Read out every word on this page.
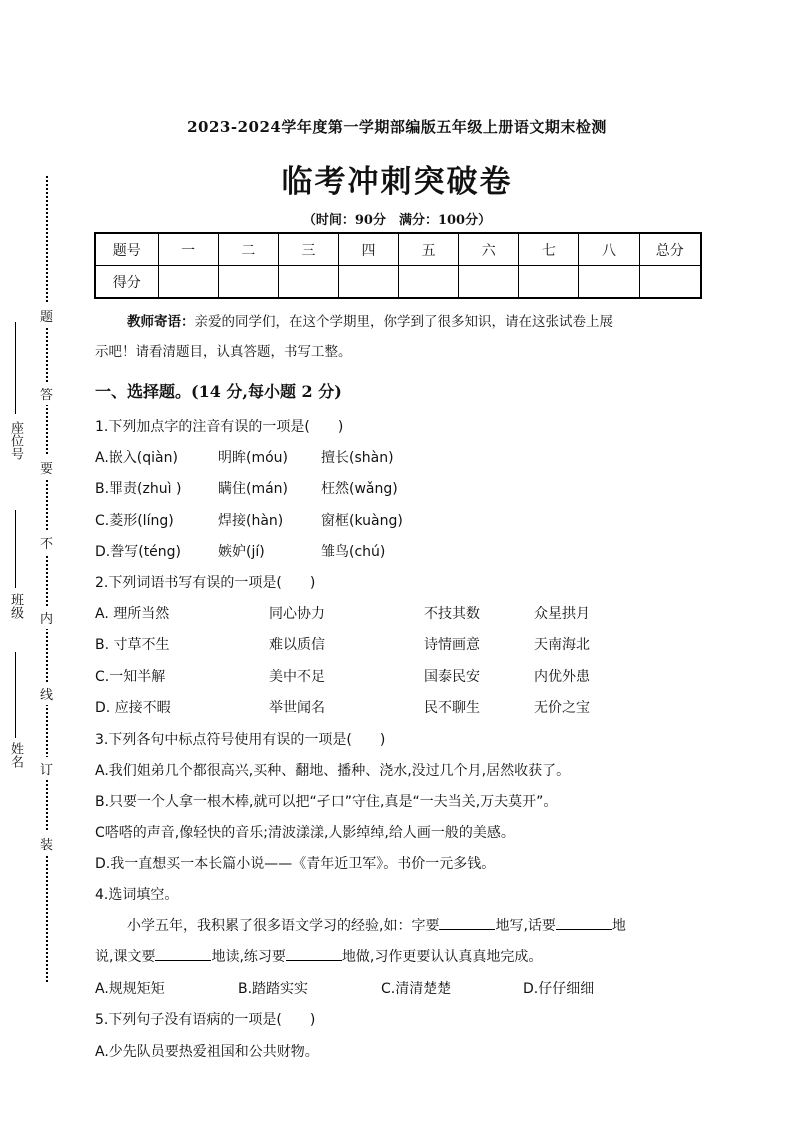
2023-2024学年度第一学期部编版五年级上册语文期末检测
临考冲刺突破卷
（时间：90分　满分：100分）
题号	一	二	三	四	五	六	七	八	总分
得分									
教师寄语：亲爱的同学们，在这个学期里，你学到了很多知识，请在这张试卷上展
示吧！请看清题目，认真答题，书写工整。
一、选择题。(14 分,每小题 2 分)
1.下列加点字的注音有误的一项是(　　)
A.嵌入(qiàn)	明眸(móu) 擅长(shàn)
B.罪责(zhuì )	瞒住(mán) 枉然(wǎng)
C.菱形(líng)	焊接(hàn)	窗框(kuàng)
D.誊写(téng)	嫉妒(jí)	雏鸟(chú)
2.下列词语书写有误的一项是(　　)
A. 理所当然	同心协力	不技其数	众星拱月
B. 寸草不生	难以质信	诗情画意	天南海北
C.一知半解	美中不足	国泰民安	内优外患
D. 应接不暇	举世闻名	民不聊生	无价之宝
3.下列各句中标点符号使用有误的一项是(　　)
A.我们姐弟几个都很高兴,买种、翻地、播种、浇水,没过几个月,居然收获了。
B.只要一个人拿一根木棒,就可以把“孑口”守住,真是“一夫当关,万夫莫开”。
C嗒嗒的声音,像轻快的音乐;清波漾漾,人影绰绰,给人画一般的美感。
D.我一直想买一本长篇小说——《青年近卫军》。书价一元多钱。
4.选词填空。
小学五年，我积累了很多语文学习的经验,如：字要	地写,话要	地
说,课文要	地读,练习要	地做,习作更要认认真真地完成。
A.规规矩矩	B.踏踏实实	C.清清楚楚	D.仔仔细细
5.下列句子没有语病的一项是(　　)
A.少先队员要热爱祖国和公共财物。
题
答
要
不
内
线
订
装
座位号
班级
姓名
